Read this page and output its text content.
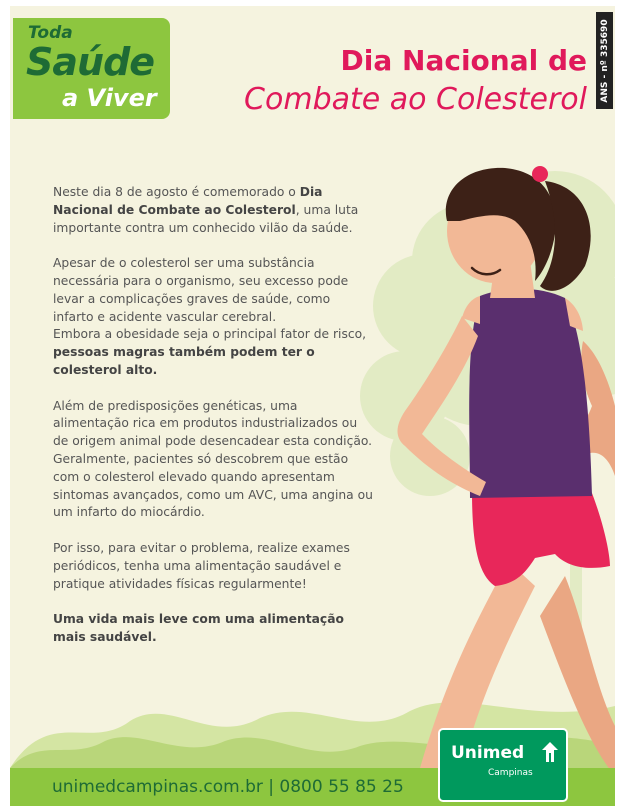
Toda
Saúde
a Viver
Dia Nacional de
Combate ao Colesterol ANS - nº 335690

Neste dia 8 de agosto é comemorado o Dia Nacional de Combate ao Colesterol, uma luta importante contra um conhecido vilão da saúde.

Apesar de o colesterol ser uma substância necessária para o organismo, seu excesso pode levar a complicações graves de saúde, como infarto e acidente vascular cerebral.

Embora a obesidade seja o principal fator de risco, pessoas magras também podem ter o colesterol alto.

Além de predisposições genéticas, uma alimentação rica em produtos industrializados ou de origem animal pode desencadear esta condição. Geralmente, pacientes só descobrem que estão com o colesterol elevado quando apresentam sintomas avançados, como um AVC, uma angina ou um infarto do miocárdio.

Por isso, para evitar o problema, realize exames periódicos, tenha uma alimentação saudável e pratique atividades físicas regularmente!

Uma vida mais leve com uma alimentação mais saudável.

unimedcampinas.com.br | 0800 55 85 25
Unimed
Campinas
